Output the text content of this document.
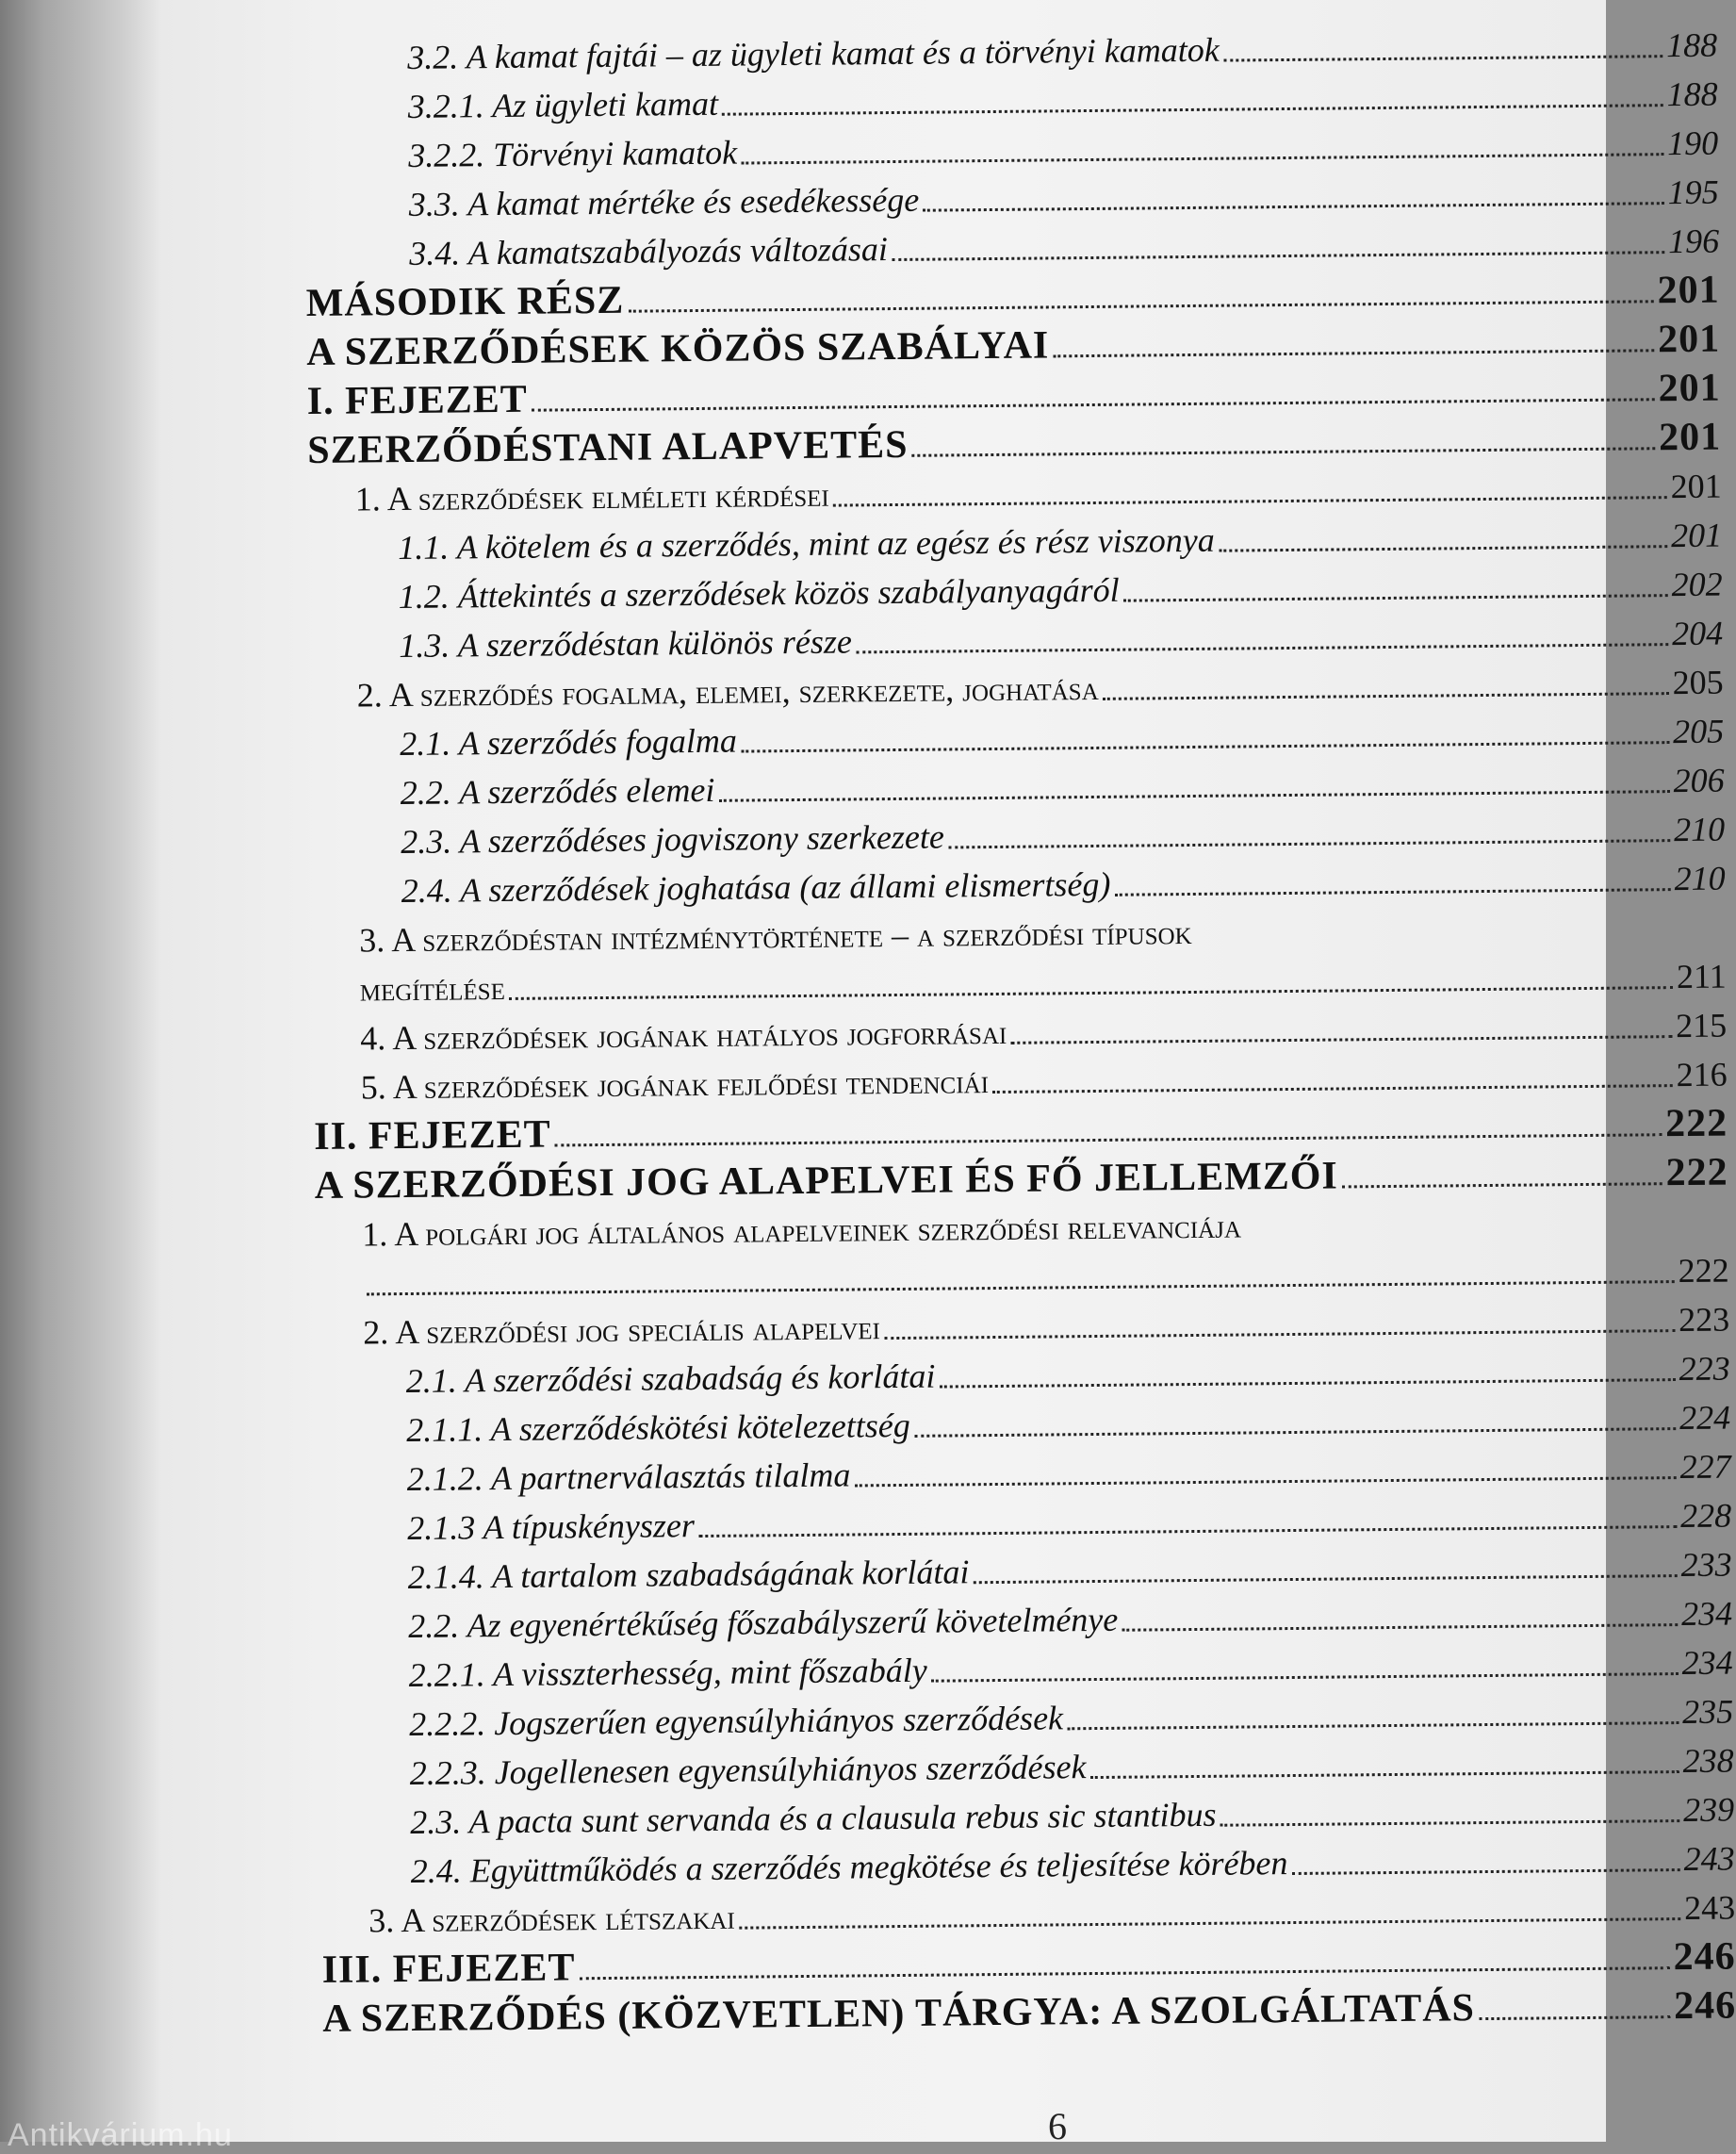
3.2. A kamat fajtái – az ügyleti kamat és a törvényi kamatok	188
3.2.1. Az ügyleti kamat	188
3.2.2. Törvényi kamatok	190
3.3. A kamat mértéke és esedékessége	195
3.4. A kamatszabályozás változásai	196
MÁSODIK RÉSZ	201
A SZERZŐDÉSEK KÖZÖS SZABÁLYAI	201
I. FEJEZET	201
SZERZŐDÉSTANI ALAPVETÉS	201
1. A szerződések elméleti kérdései	201
1.1. A kötelem és a szerződés, mint az egész és rész viszonya	201
1.2. Áttekintés a szerződések közös szabályanyagáról	202
1.3. A szerződéstan különös része	204
2. A szerződés fogalma, elemei, szerkezete, joghatása	205
2.1. A szerződés fogalma	205
2.2. A szerződés elemei	206
2.3. A szerződéses jogviszony szerkezete	210
2.4. A szerződések joghatása (az állami elismertség)	210
3. A szerződéstan intézménytörténete – a szerződési típusok
megítélése	211
4. A szerződések jogának hatályos jogforrásai	215
5. A szerződések jogának fejlődési tendenciái	216
II. FEJEZET	222
A SZERZŐDÉSI JOG ALAPELVEI ÉS FŐ JELLEMZŐI	222
1. A polgári jog általános alapelveinek szerződési relevanciája
222
2. A szerződési jog speciális alapelvei	223
2.1. A szerződési szabadság és korlátai	223
2.1.1. A szerződéskötési kötelezettség	224
2.1.2. A partnerválasztás tilalma	227
2.1.3 A típuskényszer	228
2.1.4. A tartalom szabadságának korlátai	233
2.2. Az egyenértékűség főszabályszerű követelménye	234
2.2.1. A visszterhesség, mint főszabály	234
2.2.2. Jogszerűen egyensúlyhiányos szerződések	235
2.2.3. Jogellenesen egyensúlyhiányos szerződések	238
2.3. A pacta sunt servanda és a clausula rebus sic stantibus	239
2.4. Együttműködés a szerződés megkötése és teljesítése körében	243
3. A szerződések létszakai	243
III. FEJEZET	246
A SZERZŐDÉS (KÖZVETLEN) TÁRGYA: A SZOLGÁLTATÁS	246
6
Antikvárium.hu
